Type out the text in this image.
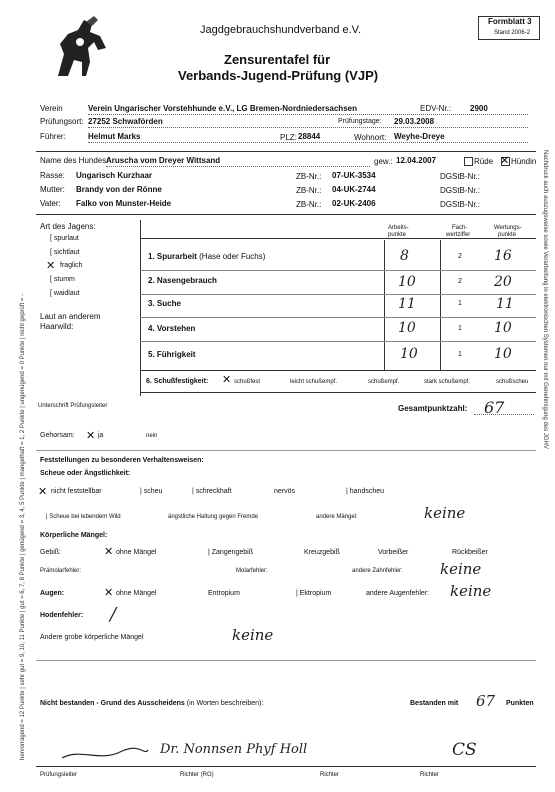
Jagdgebrauchshundverband e.V.
Formblatt 3
Stand 2006-2
Zensurentafel für
Verbands-Jugend-Prüfung (VJP)
Verein	Verein Ungarischer Vorstehhunde e.V., LG Bremen-Nordniedersachsen	EDV-Nr.: 2900
Prüfungsort: 27252 Schwaförden	Prüfungstage: 29.03.2008
Führer:	Helmut Marks	PLZ: 28844	Wohnort: Weyhe-Dreye
Name des Hundes:
Aruscha vom Dreyer Wittsand	gew.: 12.04.2007	Rüde ✕ Hündin
Rasse: Ungarisch Kurzhaar	ZB-Nr.: 07-UK-3534	DGStB-Nr.:
Mutter: Brandy von der Rönne	ZB-Nr.: 04-UK-2744	DGStB-Nr.:
Vater: Falko von Munster-Heide	ZB-Nr.: 02-UK-2406	DGStB-Nr.:
Art des Jagens:
[ spurlaut
[ sichtlaut
✕ fraglich
[ stumm
[ waidlaut
Laut an anderem
Haarwild:
Unterschrift Prüfungsleiter
Arbeits-
punkte
Fach-
wertziffer
Wertungs-
punkte
1. Spurarbeit (Hase oder Fuchs)	8	2 16
2. Nasengebrauch	10	2 20
3. Suche	11	1 11
4. Vorstehen	10	1 10
5. Führigkeit	10	1 10
6. Schußfestigkeit: ✕ schußfest	leicht schußempf.	schußempf.	stark schußempf.	schußscheu
Gesamtpunktzahl: 67
Gehorsam: ✕ ja	nein
Feststellungen zu besonderen Verhaltensweisen:
Scheue oder Ängstlichkeit:
✕ nicht feststellbar	| scheu	| schreckhaft	nervös	| handscheu
| Scheue bei lebendem Wild	ängstliche Haltung gegen Fremde	andere Mängel:	keine
Körperliche Mängel:
Gebiß:	✕ ohne Mängel	| Zangengebiß	Kreuzgebiß	Vorbeißer	Rückbeißer
Prämolarfehler:	Molarfehler:	andere Zahnfehler: keine
Augen:	✕ ohne Mängel	Entropium	| Ektropium	andere Augenfehler: keine
Hodenfehler: /
Andere grobe körperliche Mängel	keine
Nicht bestanden - Grund des Ausscheidens (in Worten beschreiben):	Bestanden mit 67 Punkten
Dr. Nonnsen Phyf Holl	CS
Prüfungsleiter	Richter (RG)	Richter	Richter
hervorragend = 12 Punkte | sehr gut = 9, 10, 11 Punkte | gut = 6, 7, 8 Punkte | genügend = 3, 4, 5 Punkte | mangelhaft = 1, 2 Punkte | ungenügend = 0 Punkte | nicht geprüft = -	Nachdruck auch auszugsweise sowie Verarbeitung in elektronischen Systemen nur mit Genehmigung des JGHV
